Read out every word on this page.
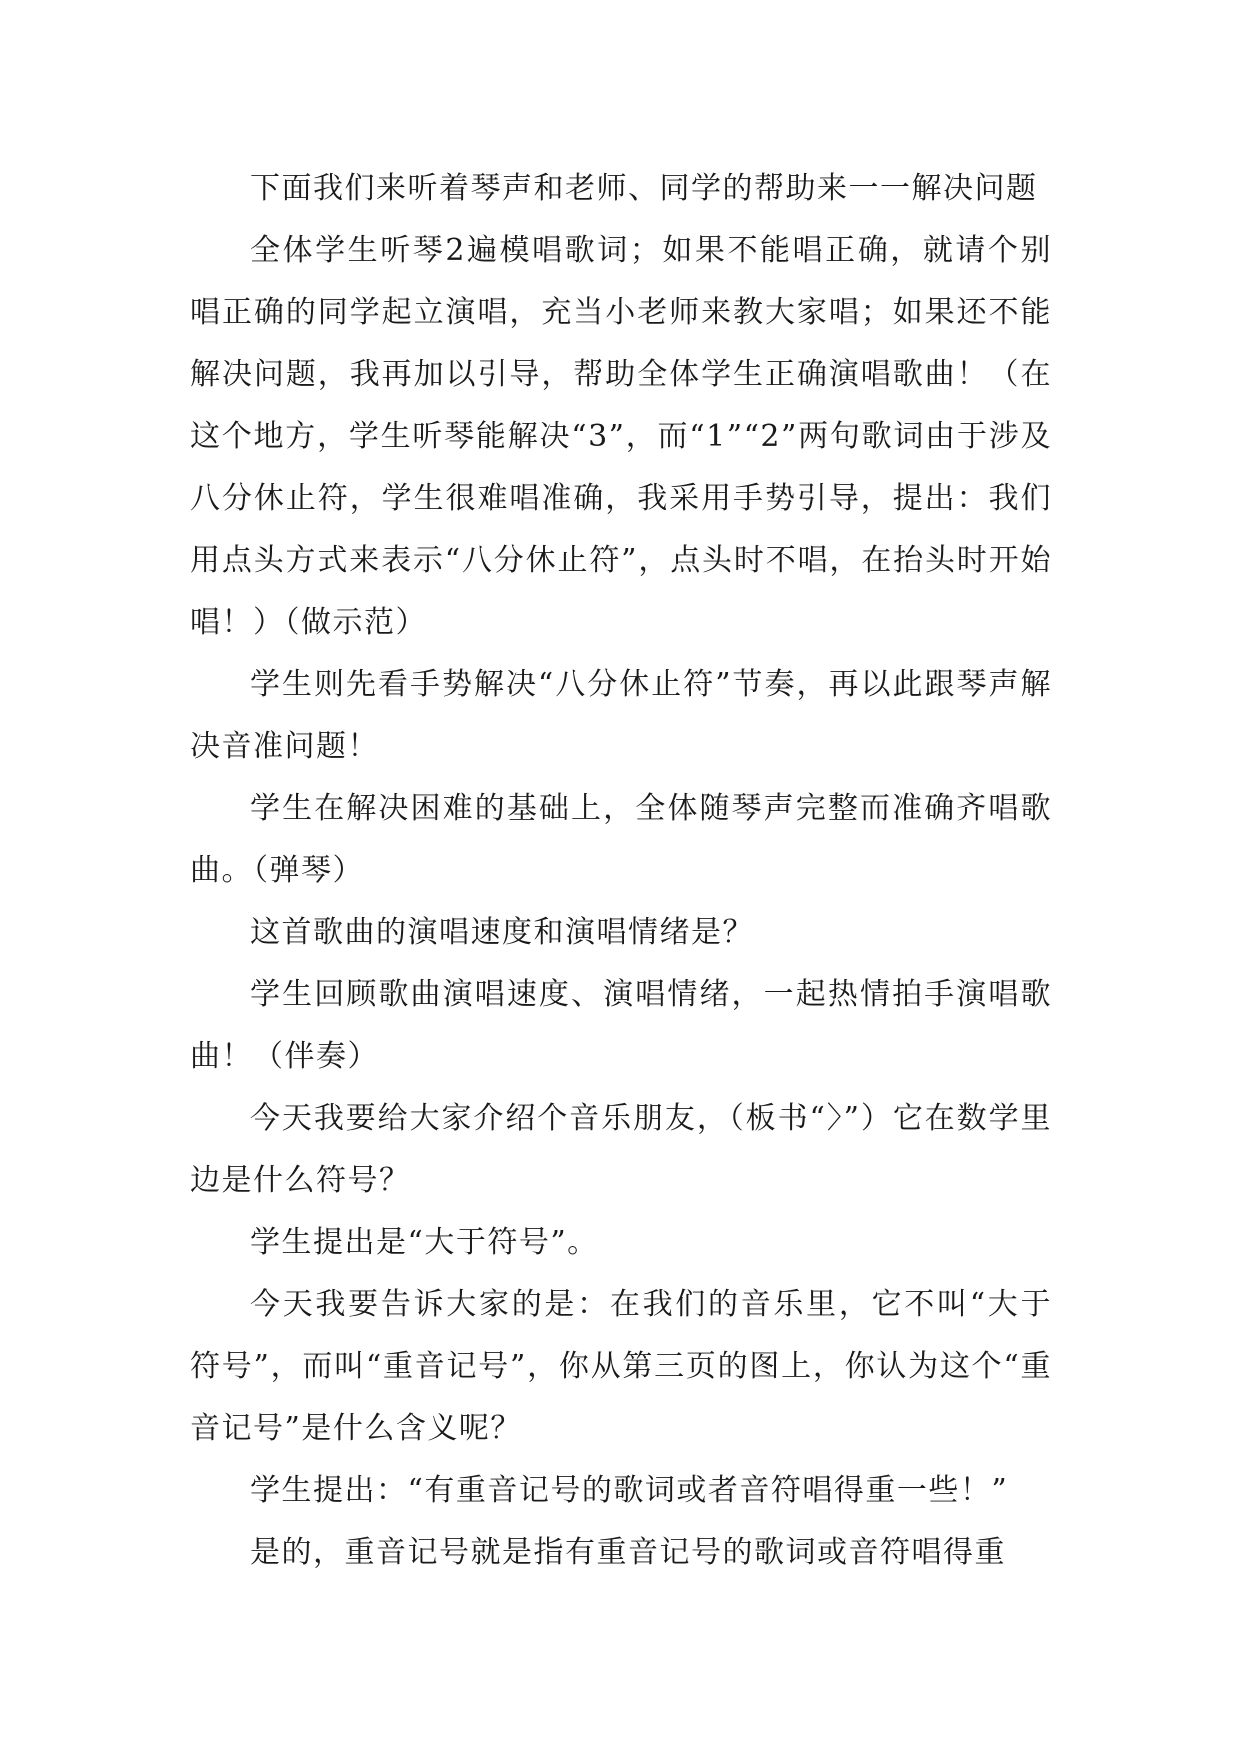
下面我们来听着琴声和老师、同学的帮助来一一解决问题

全体学生听琴2遍模唱歌词；如果不能唱正确，就请个别唱正确的同学起立演唱，充当小老师来教大家唱；如果还不能解决问题，我再加以引导，帮助全体学生正确演唱歌曲！（在这个地方，学生听琴能解决“3”，而“1”“2”两句歌词由于涉及八分休止符，学生很难唱准确，我采用手势引导，提出：我们用点头方式来表示“八分休止符”，点头时不唱，在抬头时开始唱！）（做示范）

学生则先看手势解决“八分休止符”节奏，再以此跟琴声解决音准问题！

学生在解决困难的基础上，全体随琴声完整而准确齐唱歌曲。（弹琴）

这首歌曲的演唱速度和演唱情绪是？

学生回顾歌曲演唱速度、演唱情绪，一起热情拍手演唱歌曲！（伴奏）

今天我要给大家介绍个音乐朋友，（板书“〉”）它在数学里边是什么符号？

学生提出是“大于符号”。

今天我要告诉大家的是：在我们的音乐里，它不叫“大于符号”，而叫“重音记号”，你从第三页的图上，你认为这个“重音记号”是什么含义呢？

学生提出：“有重音记号的歌词或者音符唱得重一些！”

是的，重音记号就是指有重音记号的歌词或音符唱得重
